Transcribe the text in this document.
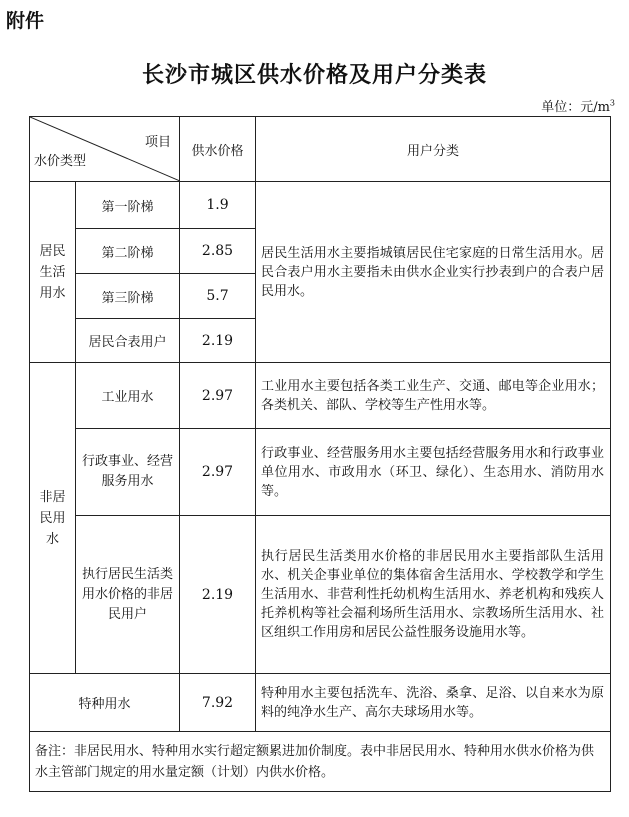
附件
长沙市城区供水价格及用户分类表
单位：元$/m^3$
项目
水价类型		供水价格	用户分类

居民生活用水	第一阶梯	1.9	居民生活用水主要指城镇居民住宅家庭的日常生活用水。居民合表户用水主要指未由供水企业实行抄表到户的合表户居民用水。
	第二阶梯	2.85	
	第三阶梯	5.7	
	居民合表用户	2.19	

非居民用水	工业用水	2.97	工业用水主要包括各类工业生产、交通、邮电等企业用水；各类机关、部队、学校等生产性用水等。

	行政事业、经营服务用水	2.97	行政事业、经营服务用水主要包括经营服务用水和行政事业单位用水、市政用水（环卫、绿化）、生态用水、消防用水等。

	执行居民生活类用水价格的非居民用户	2.19	执行居民生活类用水价格的非居民用水主要指部队生活用水、机关企事业单位的集体宿舍生活用水、学校教学和学生生活用水、非营利性托幼机构生活用水、养老机构和残疾人托养机构等社会福利场所生活用水、宗教场所生活用水、社区组织工作用房和居民公益性服务设施用水等。
特种用水		7.92	特种用水主要包括洗车、洗浴、桑拿、足浴、以自来水为原料的纯净水生产、高尔夫球场用水等。
备注：非居民用水、特种用水实行超定额累进加价制度。表中非居民用水、特种用水供水价格为供水主管部门规定的用水量定额（计划）内供水价格。			
